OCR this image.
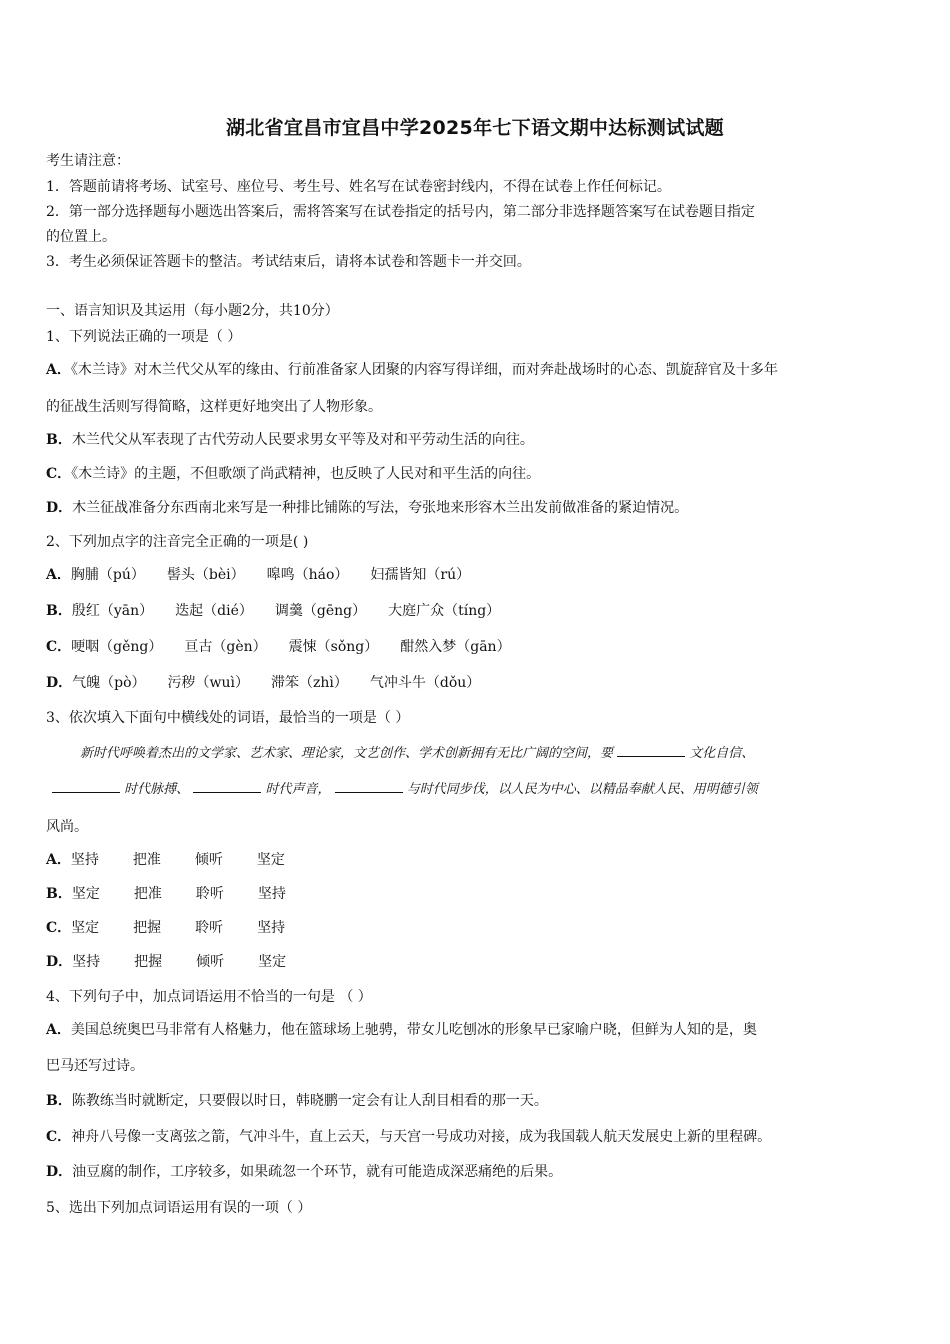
湖北省宜昌市宜昌中学2025年七下语文期中达标测试试题
考生请注意：
1．答题前请将考场、试室号、座位号、考生号、姓名写在试卷密封线内，不得在试卷上作任何标记。
2．第一部分选择题每小题选出答案后，需将答案写在试卷指定的括号内，第二部分非选择题答案写在试卷题目指定
的位置上。
3．考生必须保证答题卡的整洁。考试结束后，请将本试卷和答题卡一并交回。
一、语言知识及其运用（每小题2分，共10分）
1、下列说法正确的一项是（ ）
A．《木兰诗》对木兰代父从军的缘由、行前准备家人团聚的内容写得详细，而对奔赴战场时的心态、凯旋辞官及十多年
的征战生活则写得简略，这样更好地突出了人物形象。
B．木兰代父从军表现了古代劳动人民要求男女平等及对和平劳动生活的向往。
C．《木兰诗》的主题，不但歌颂了尚武精神，也反映了人民对和平生活的向往。
D．木兰征战准备分东西南北来写是一种排比铺陈的写法，夸张地来形容木兰出发前做准备的紧迫情况。
2、下列加点字的注音完全正确的一项是( )
A．胸脯（pú） 髻头（bèi） 嗥鸣（háo） 妇孺皆知（rú）
B．殷红（yān） 迭起（dié） 调羹（gēng） 大庭广众（tíng）
C．哽咽（gěng） 亘古（gèn） 震悚（sǒng） 酣然入梦（gān）
D．气魄（pò） 污秽（wuì） 滞笨（zhì） 气冲斗牛（dǒu）
3、依次填入下面句中横线处的词语，最恰当的一项是（ ）
新时代呼唤着杰出的文学家、艺术家、理论家，文艺创作、学术创新拥有无比广阔的空间，要	文化自信、
时代脉搏、	时代声音，	与时代同步伐，以人民为中心、以精品奉献人民、用明德引领
风尚。
A．坚持 把准 倾听 坚定
B．坚定 把准 聆听 坚持
C．坚定 把握 聆听 坚持
D．坚持 把握 倾听 坚定
4、下列句子中，加点词语运用不恰当的一句是 （ ）
A．美国总统奥巴马非常有人格魅力，他在篮球场上驰骋，带女儿吃刨冰的形象早已家喻户晓，但鲜为人知的是，奥
巴马还写过诗。
B．陈教练当时就断定，只要假以时日，韩晓鹏一定会有让人刮目相看的那一天。
C．神舟八号像一支离弦之箭，气冲斗牛，直上云天，与天宫一号成功对接，成为我国载人航天发展史上新的里程碑。
D．油豆腐的制作，工序较多，如果疏忽一个环节，就有可能造成深恶痛绝的后果。
5、选出下列加点词语运用有误的一项（ ）
